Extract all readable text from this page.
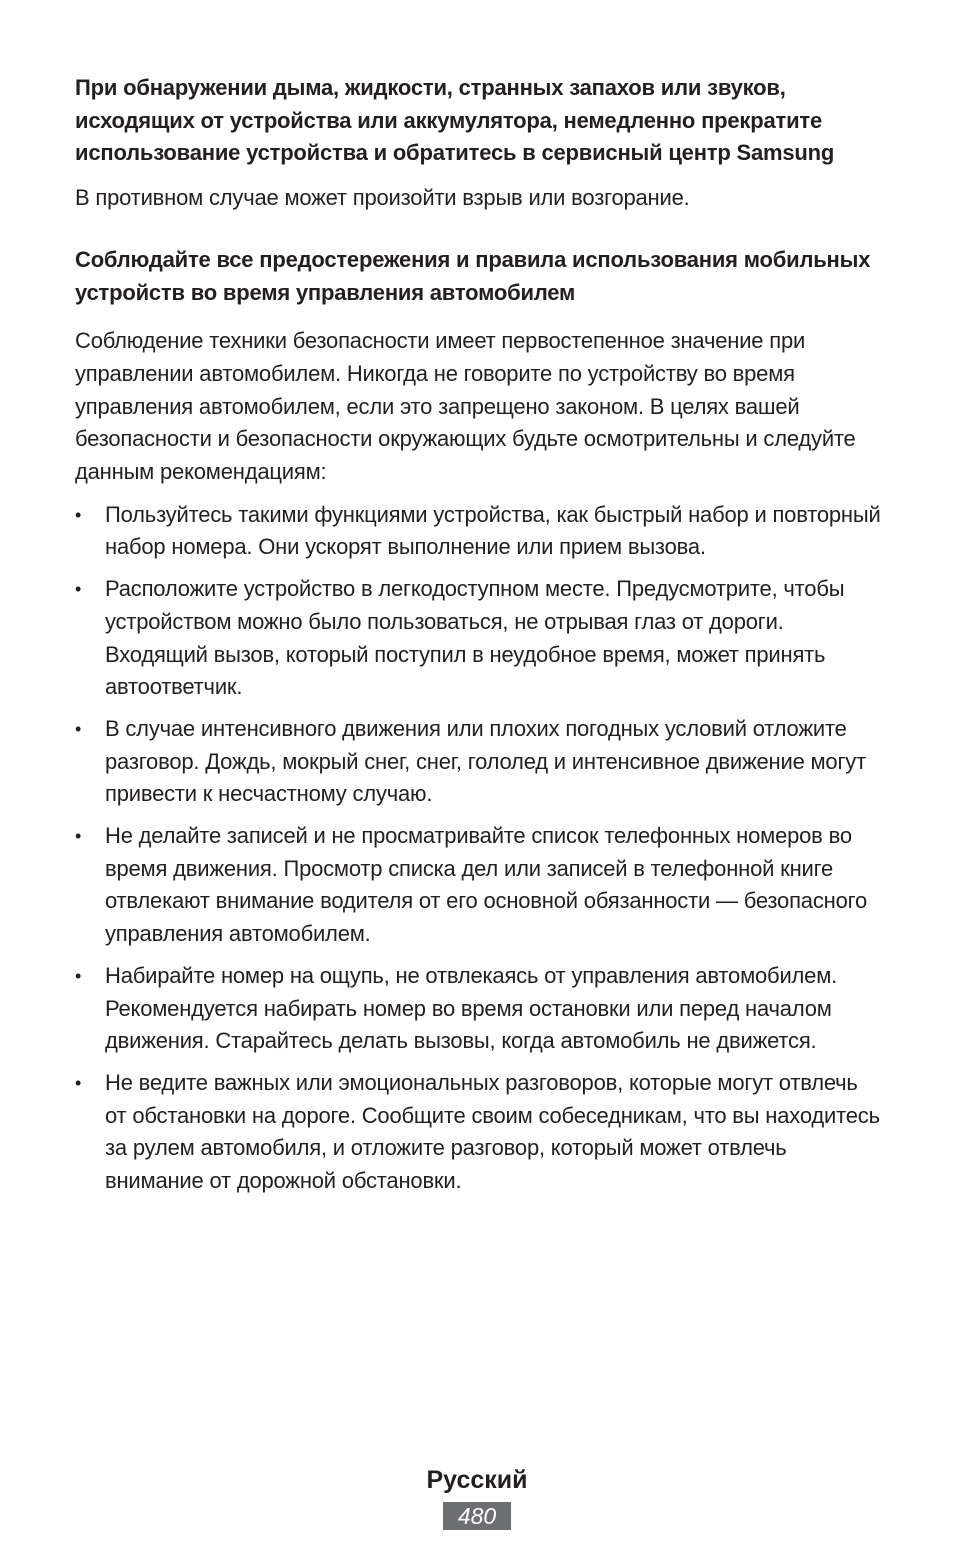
При обнаружении дыма, жидкости, странных запахов или звуков, исходящих от устройства или аккумулятора, немедленно прекратите использование устройства и обратитесь в сервисный центр Samsung

В противном случае может произойти взрыв или возгорание.

Соблюдайте все предостережения и правила использования мобильных устройств во время управления автомобилем

Соблюдение техники безопасности имеет первостепенное значение при управлении автомобилем. Никогда не говорите по устройству во время управления автомобилем, если это запрещено законом. В целях вашей безопасности и безопасности окружающих будьте осмотрительны и следуйте данным рекомендациям:

•	Пользуйтесь такими функциями устройства, как быстрый набор и повторный набор номера. Они ускорят выполнение или прием вызова.
•	Расположите устройство в легкодоступном месте. Предусмотрите, чтобы устройством можно было пользоваться, не отрывая глаз от дороги. Входящий вызов, который поступил в неудобное время, может принять автоответчик.
•	В случае интенсивного движения или плохих погодных условий отложите разговор. Дождь, мокрый снег, снег, гололед и интенсивное движение могут привести к несчастному случаю.
•	Не делайте записей и не просматривайте список телефонных номеров во время движения. Просмотр списка дел или записей в телефонной книге отвлекают внимание водителя от его основной обязанности — безопасного управления автомобилем.
•	Набирайте номер на ощупь, не отвлекаясь от управления автомобилем. Рекомендуется набирать номер во время остановки или перед началом движения. Старайтесь делать вызовы, когда автомобиль не движется.
•	Не ведите важных или эмоциональных разговоров, которые могут отвлечь от обстановки на дороге. Сообщите своим собеседникам, что вы находитесь за рулем автомобиля, и отложите разговор, который может отвлечь внимание от дорожной обстановки.
Русский
480
